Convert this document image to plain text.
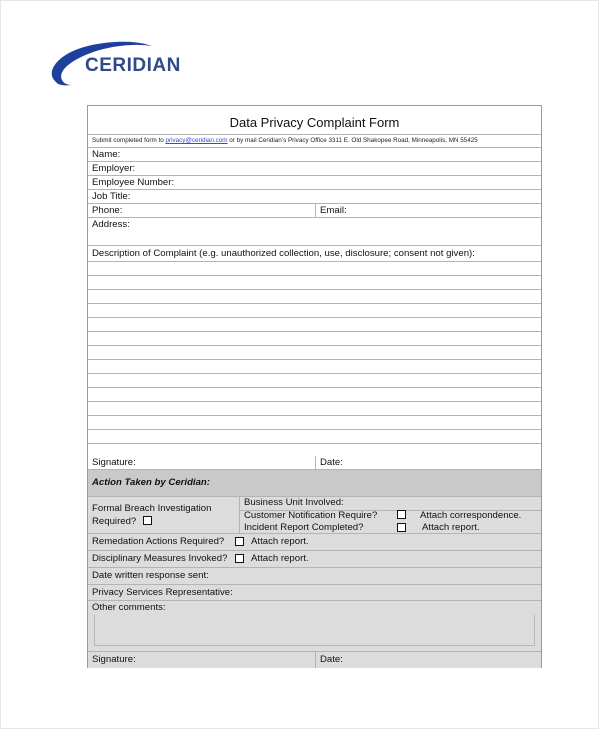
CERIDIAN
Data Privacy Complaint Form
Submit completed form to privacy@ceridian.com or by mail Ceridian’s Privacy Office 3311 E. Old Shakopee Road, Minneapolis, MN 55425
Name:
Employer:
Employee Number:
Job Title:
Phone:	Email:
Address:
Description of Complaint (e.g. unauthorized collection, use, disclosure; consent not given):
Signature:	Date:
Action Taken by Ceridian:
Formal Breach Investigation
Required?
Business Unit Involved:
Customer Notification Require?	Attach correspondence.
Incident Report Completed?	Attach report.
Remedation Actions Required?	Attach report.
Disciplinary Measures Invoked? Attach report.
Date written response sent:
Privacy Services Representative:
Other comments:
Signature:	Date:
